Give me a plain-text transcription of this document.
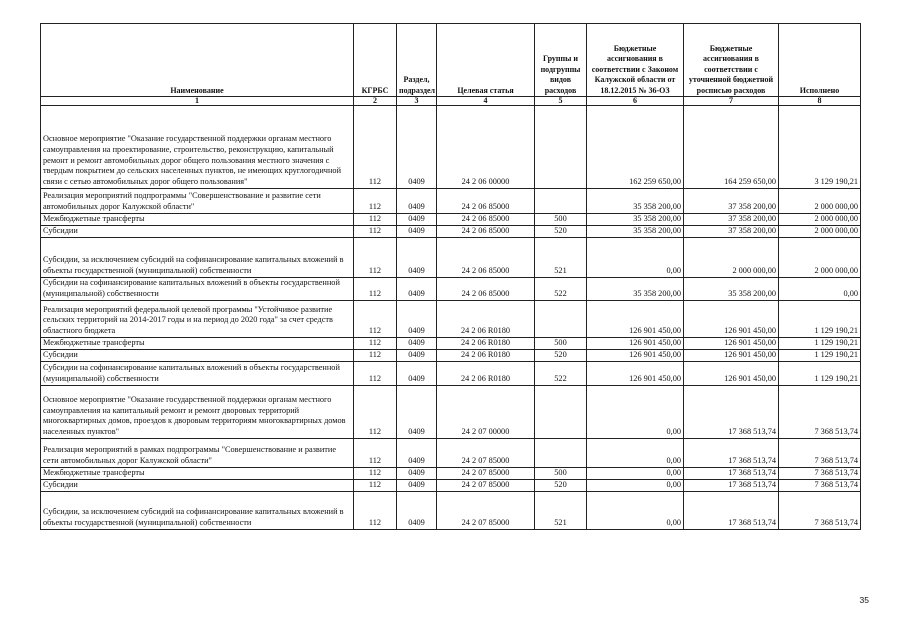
Наименование	КГРБС	Раздел, подраздел	Целевая статья	Группы и подгруппы видов расходов	Бюджетные ассигнования в соответствии с Законом Калужской области от 18.12.2015 № 36-ОЗ	Бюджетные ассигнования в соответствии с уточненной бюджетной росписью расходов	Исполнено
1	2	3	4	5	6	7	8
Основное мероприятие "Оказание государственной поддержки органам местного самоуправления на проектирование, строительство, реконструкцию, капитальный ремонт и ремонт автомобильных дорог общего пользования местного значения с твердым покрытием до сельских населенных пунктов, не имеющих круглогодичной связи с сетью автомобильных дорог общего пользования"	112	0409	24 2 06 00000		162 259 650,00	164 259 650,00	3 129 190,21
Реализация мероприятий подпрограммы "Совершенствование и развитие сети автомобильных дорог Калужской области"	112	0409	24 2 06 85000		35 358 200,00	37 358 200,00	2 000 000,00
Межбюджетные трансферты	112	0409	24 2 06 85000	500	35 358 200,00	37 358 200,00	2 000 000,00
Субсидии	112	0409	24 2 06 85000	520	35 358 200,00	37 358 200,00	2 000 000,00
Субсидии, за исключением субсидий на софинансирование капитальных вложений в объекты государственной (муниципальной) собственности	112	0409	24 2 06 85000	521	0,00	2 000 000,00	2 000 000,00
Субсидии на софинансирование капитальных вложений в объекты государственной (муниципальной) собственности	112	0409	24 2 06 85000	522	35 358 200,00	35 358 200,00	0,00
Реализация мероприятий федеральной целевой программы "Устойчивое развитие сельских территорий на 2014-2017 годы и на период до 2020 года" за счет средств областного бюджета	112	0409	24 2 06 R0180		126 901 450,00	126 901 450,00	1 129 190,21
Межбюджетные трансферты	112	0409	24 2 06 R0180	500	126 901 450,00	126 901 450,00	1 129 190,21
Субсидии	112	0409	24 2 06 R0180	520	126 901 450,00	126 901 450,00	1 129 190,21
Субсидии на софинансирование капитальных вложений в объекты государственной (муниципальной) собственности	112	0409	24 2 06 R0180	522	126 901 450,00	126 901 450,00	1 129 190,21
Основное мероприятие "Оказание государственной поддержки органам местного самоуправления на капитальный ремонт и ремонт дворовых территорий многоквартирных домов, проездов к дворовым территориям многоквартирных домов населенных пунктов"	112	0409	24 2 07 00000		0,00	17 368 513,74	7 368 513,74
Реализация мероприятий в рамках подпрограммы "Совершенствование и развитие сети автомобильных дорог Калужской области"	112	0409	24 2 07 85000		0,00	17 368 513,74	7 368 513,74
Межбюджетные трансферты	112	0409	24 2 07 85000	500	0,00	17 368 513,74	7 368 513,74
Субсидии	112	0409	24 2 07 85000	520	0,00	17 368 513,74	7 368 513,74
Субсидии, за исключением субсидий на софинансирование капитальных вложений в объекты государственной (муниципальной) собственности	112	0409	24 2 07 85000	521	0,00	17 368 513,74	7 368 513,74
35
